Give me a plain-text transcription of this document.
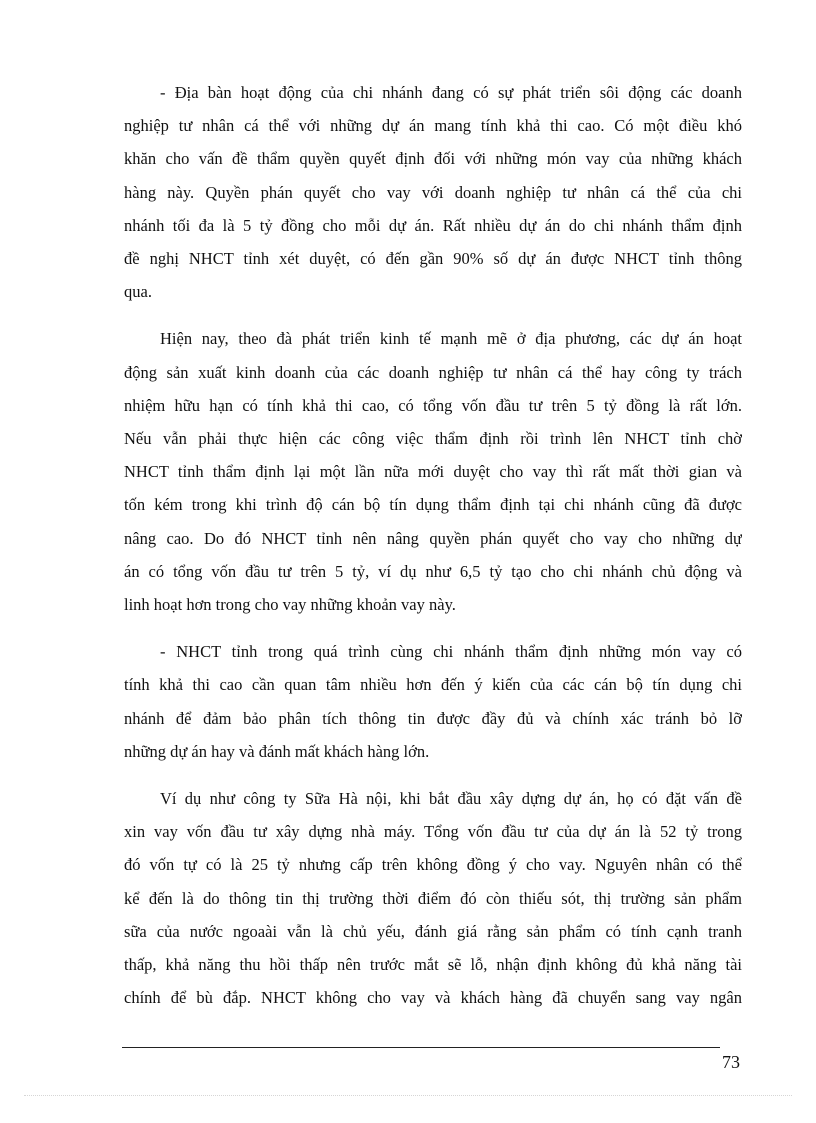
- Địa bàn hoạt động của chi nhánh đang có sự phát triển sôi động các doanh
nghiệp tư nhân cá thể với những dự án mang tính khả thi cao. Có một điều khó
khăn cho vấn đề thẩm quyền quyết định đối với những món vay của những khách
hàng này. Quyền phán quyết cho vay với doanh nghiệp tư nhân cá thể của chi
nhánh tối đa là 5 tỷ đồng cho mỗi dự án. Rất nhiều dự án do chi nhánh thẩm định
đề nghị NHCT tỉnh xét duyệt, có đến gần 90% số dự án được NHCT tỉnh thông
qua.
Hiện nay, theo đà phát triển kinh tế mạnh mẽ ở địa phương, các dự án hoạt
động sản xuất kinh doanh của các doanh nghiệp tư nhân cá thể hay công ty trách
nhiệm hữu hạn có tính khả thi cao, có tổng vốn đầu tư trên 5 tỷ đồng là rất lớn.
Nếu vẫn phải thực hiện các công việc thẩm định rồi trình lên NHCT tỉnh chờ
NHCT tỉnh thẩm định lại một lần nữa mới duyệt cho vay thì rất mất thời gian và
tốn kém trong khi trình độ cán bộ tín dụng thẩm định tại chi nhánh cũng đã được
nâng cao. Do đó NHCT tỉnh nên nâng quyền phán quyết cho vay cho những dự
án có tổng vốn đầu tư trên 5 tỷ, ví dụ như 6,5 tỷ tạo cho chi nhánh chủ động và
linh hoạt hơn trong cho vay những khoản vay này.
- NHCT tỉnh trong quá trình cùng chi nhánh thẩm định những món vay có
tính khả thi cao cần quan tâm nhiều hơn đến ý kiến của các cán bộ tín dụng chi
nhánh để đảm bảo phân tích thông tin được đầy đủ và chính xác tránh bỏ lỡ
những dự án hay và đánh mất khách hàng lớn.
Ví dụ như công ty Sữa Hà nội, khi bắt đầu xây dựng dự án, họ có đặt vấn đề
xin vay vốn đầu tư xây dựng nhà máy. Tổng vốn đầu tư của dự án là 52 tỷ trong
đó vốn tự có là 25 tỷ nhưng cấp trên không đồng ý cho vay. Nguyên nhân có thể
kể đến là do thông tin thị trường thời điểm đó còn thiếu sót, thị trường sản phẩm
sữa của nước ngoaài vẫn là chủ yếu, đánh giá rằng sản phẩm có tính cạnh tranh
thấp, khả năng thu hồi thấp nên trước mắt sẽ lỗ, nhận định không đủ khả năng tài
chính để bù đắp. NHCT không cho vay và khách hàng đã chuyển sang vay ngân
73
